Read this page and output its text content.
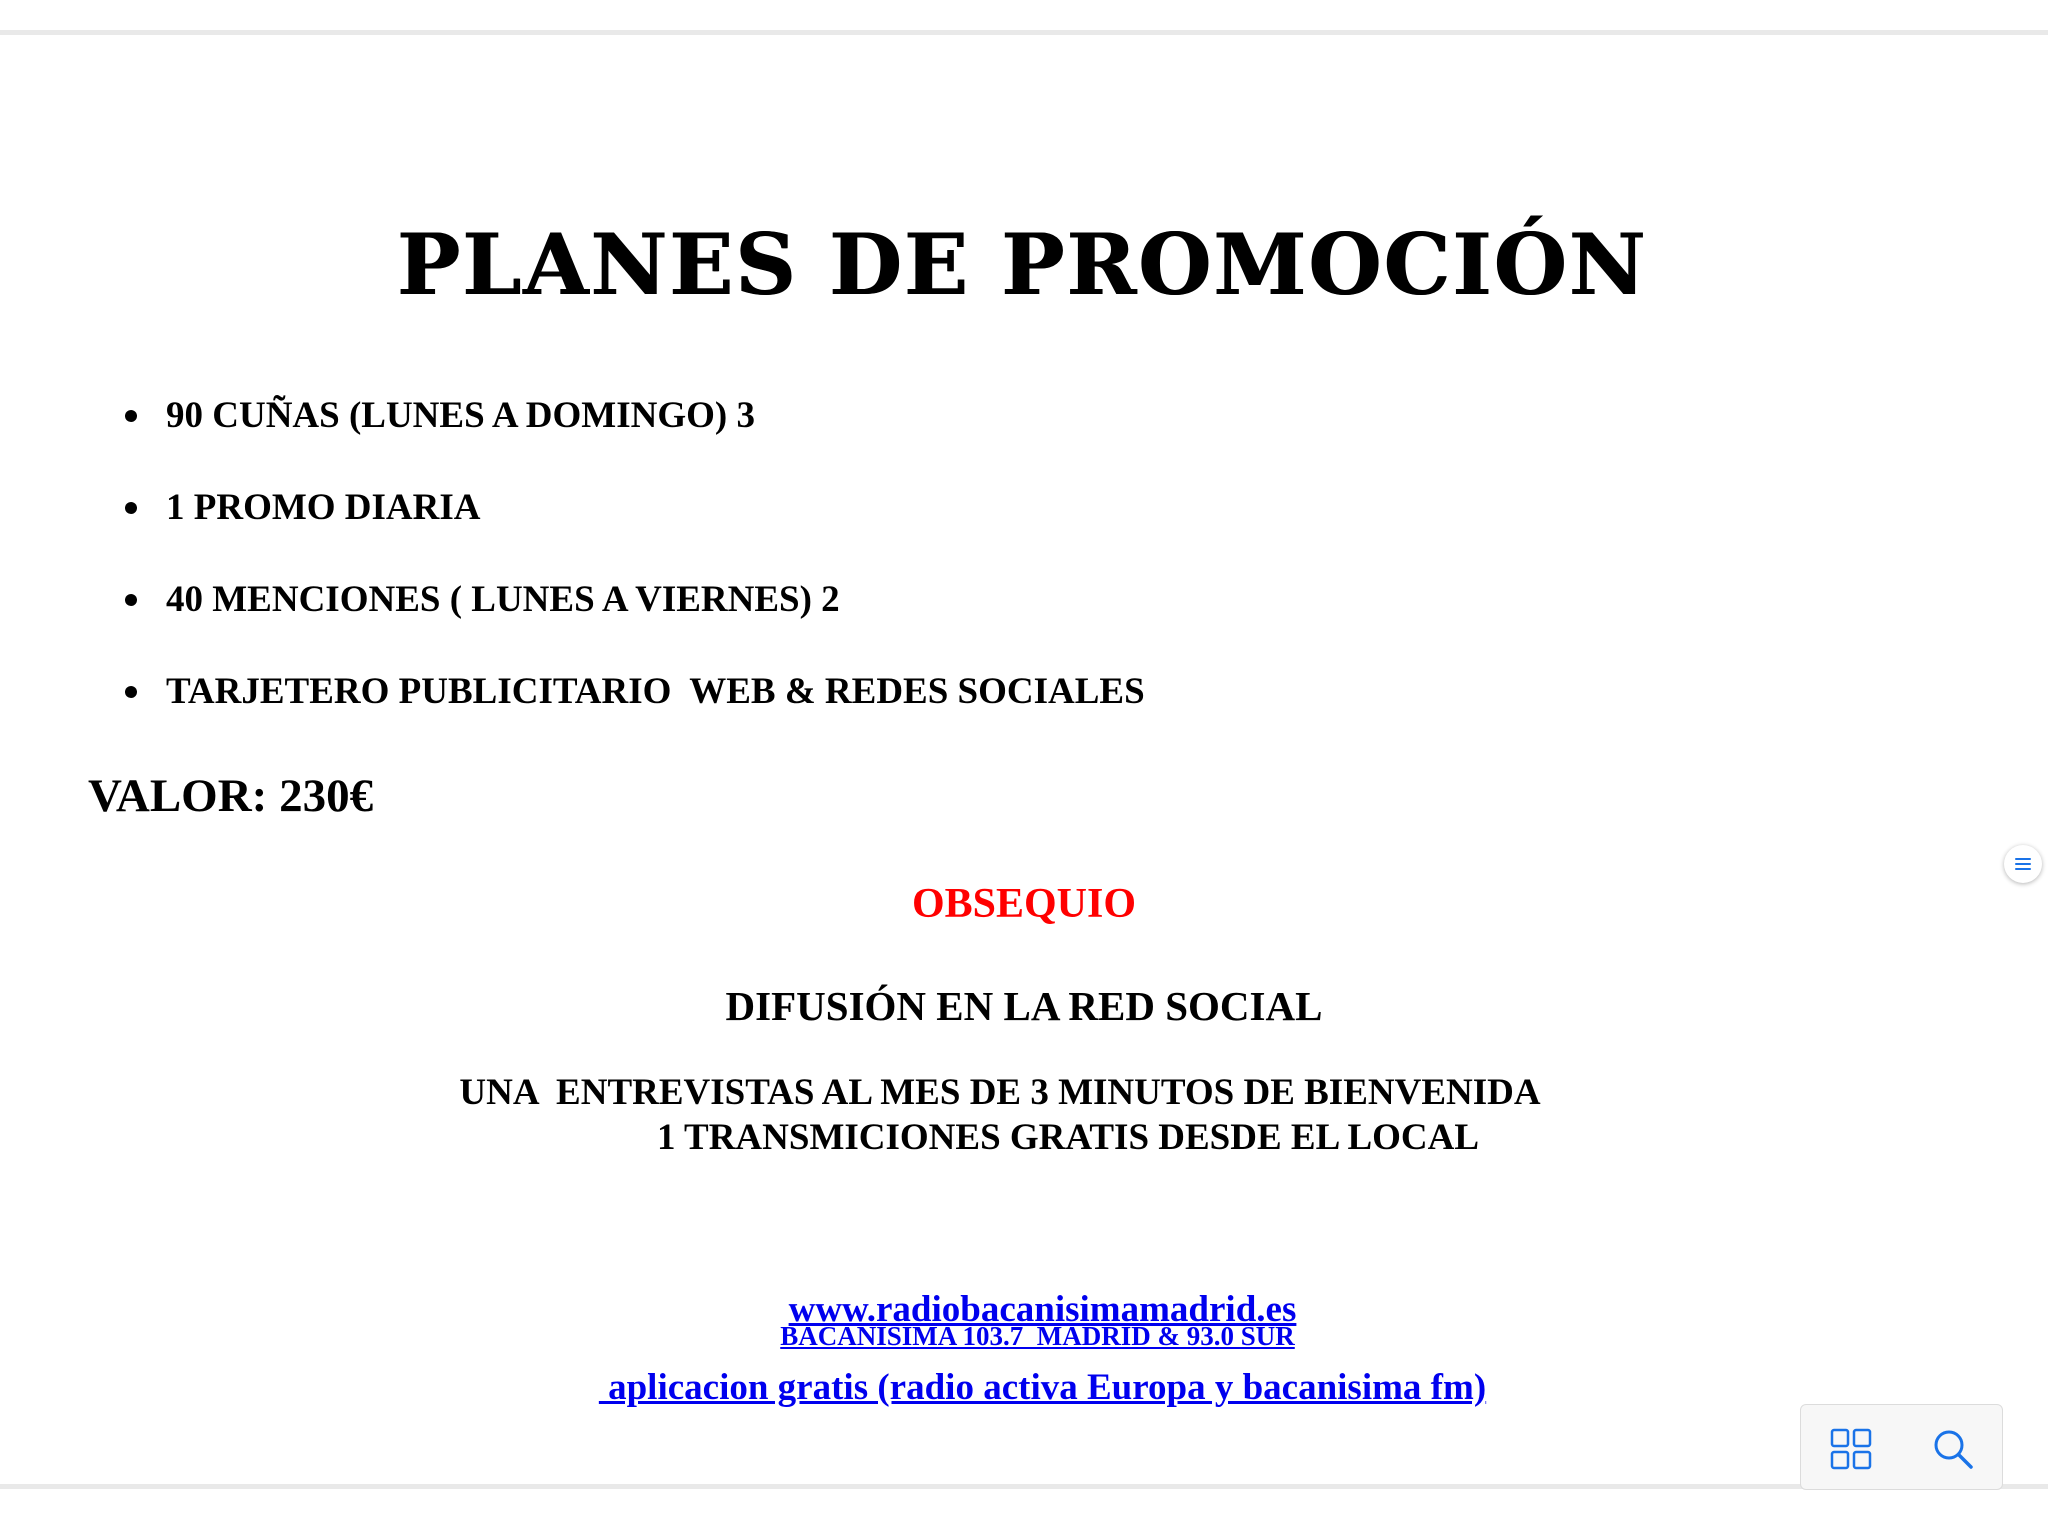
PLANES DE PROMOCIÓN
90 CUÑAS (LUNES A DOMINGO) 3
1 PROMO DIARIA
40 MENCIONES ( LUNES A VIERNES) 2
TARJETERO PUBLICITARIO  WEB & REDES SOCIALES
VALOR: 230€
OBSEQUIO
DIFUSIÓN EN LA RED SOCIAL
UNA  ENTREVISTAS AL MES DE 3 MINUTOS DE BIENVENIDA
1 TRANSMICIONES GRATIS DESDE EL LOCAL

www.radiobacanisimamadrid.es

BACANISIMA 103.7  MADRID & 93.0 SUR

aplicacion gratis (radio activa Europa y bacanisima fm)
